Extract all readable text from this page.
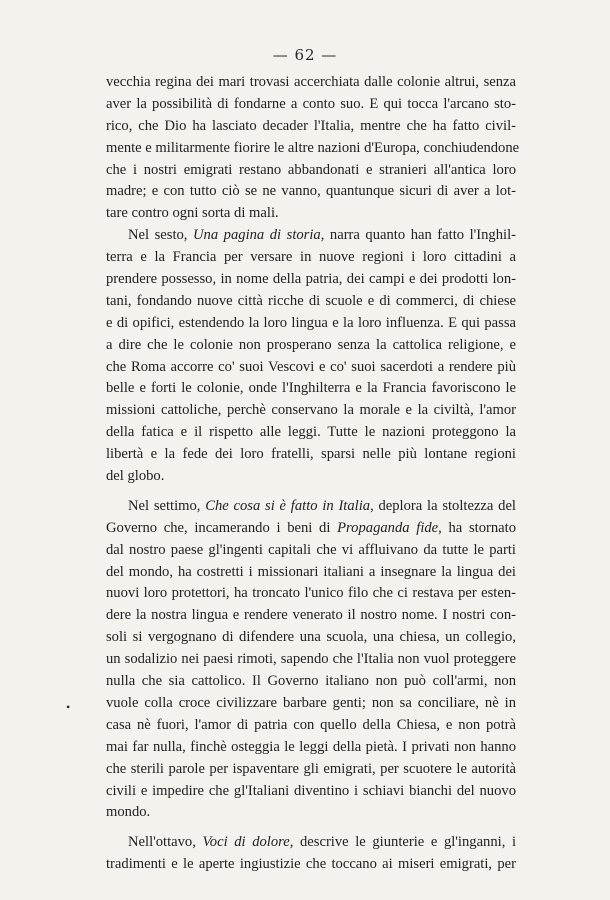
— 62 —
•
vecchia regina dei mari trovasi accerchiata dalle colonie altrui, senza
aver la possibilità di fondarne a conto suo. E qui tocca l'arcano sto-
rico, che Dio ha lasciato decader l'Italia, mentre che ha fatto civil-
mente e militarmente fiorire le altre nazioni d'Europa, conchiudendone
che i nostri emigrati restano abbandonati e stranieri all'antica loro
madre; e con tutto ciò se ne vanno, quantunque sicuri di aver a lot-
tare contro ogni sorta di mali.
Nel sesto, Una pagina di storia, narra quanto han fatto l'Inghil-
terra e la Francia per versare in nuove regioni i loro cittadini a
prendere possesso, in nome della patria, dei campi e dei prodotti lon-
tani, fondando nuove città ricche di scuole e di commerci, di chiese
e di opifici, estendendo la loro lingua e la loro influenza. E qui passa
a dire che le colonie non prosperano senza la cattolica religione, e
che Roma accorre co' suoi Vescovi e co' suoi sacerdoti a rendere più
belle e forti le colonie, onde l'Inghilterra e la Francia favoriscono le
missioni cattoliche, perchè conservano la morale e la civiltà, l'amor
della fatica e il rispetto alle leggi. Tutte le nazioni proteggono la
libertà e la fede dei loro fratelli, sparsi nelle più lontane regioni
del globo.
Nel settimo, Che cosa si è fatto in Italia, deplora la stoltezza del
Governo che, incamerando i beni di Propaganda fide, ha stornato
dal nostro paese gl'ingenti capitali che vi affluivano da tutte le parti
del mondo, ha costretti i missionari italiani a insegnare la lingua dei
nuovi loro protettori, ha troncato l'unico filo che ci restava per esten-
dere la nostra lingua e rendere venerato il nostro nome. I nostri con-
soli si vergognano di difendere una scuola, una chiesa, un collegio,
un sodalizio nei paesi rimoti, sapendo che l'Italia non vuol proteggere
nulla che sia cattolico. Il Governo italiano non può coll'armi, non
vuole colla croce civilizzare barbare genti; non sa conciliare, nè in
casa nè fuori, l'amor di patria con quello della Chiesa, e non potrà
mai far nulla, finchè osteggia le leggi della pietà. I privati non hanno
che sterili parole per ispaventare gli emigrati, per scuotere le autorità
civili e impedire che gl'Italiani diventino i schiavi bianchi del nuovo
mondo.
Nell'ottavo, Voci di dolore, descrive le giunterie e gl'inganni, i
tradimenti e le aperte ingiustizie che toccano ai miseri emigrati, per
